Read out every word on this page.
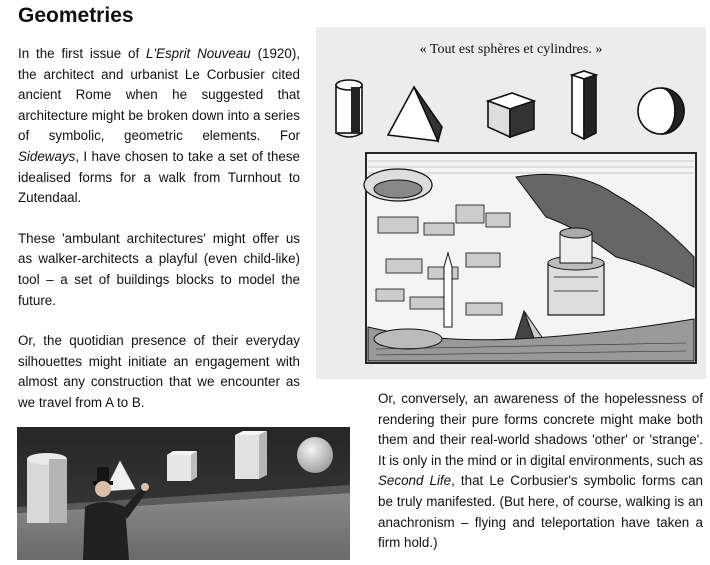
Geometries

In the first issue of L'Esprit Nouveau (1920), the architect and urbanist Le Corbusier cited ancient Rome when he suggested that architecture might be broken down into a series of symbolic, geometric elements. For Sideways, I have chosen to take a set of these idealised forms for a walk from Turnhout to Zutendaal.

These 'ambulant architectures' might offer us as walker-architects a playful (even child-like) tool – a set of buildings blocks to model the future.

Or, the quotidian presence of their everyday silhouettes might initiate an engagement with almost any construction that we encounter as we travel from A to B.

« Tout est sphères et cylindres. »

Or, conversely, an awareness of the hopelessness of rendering their pure forms concrete might make both them and their real-world shadows 'other' or 'strange'. It is only in the mind or in digital environments, such as Second Life, that Le Corbusier's symbolic forms can be truly manifested. (But here, of course, walking is an anachronism – flying and teleportation have taken a firm hold.)
